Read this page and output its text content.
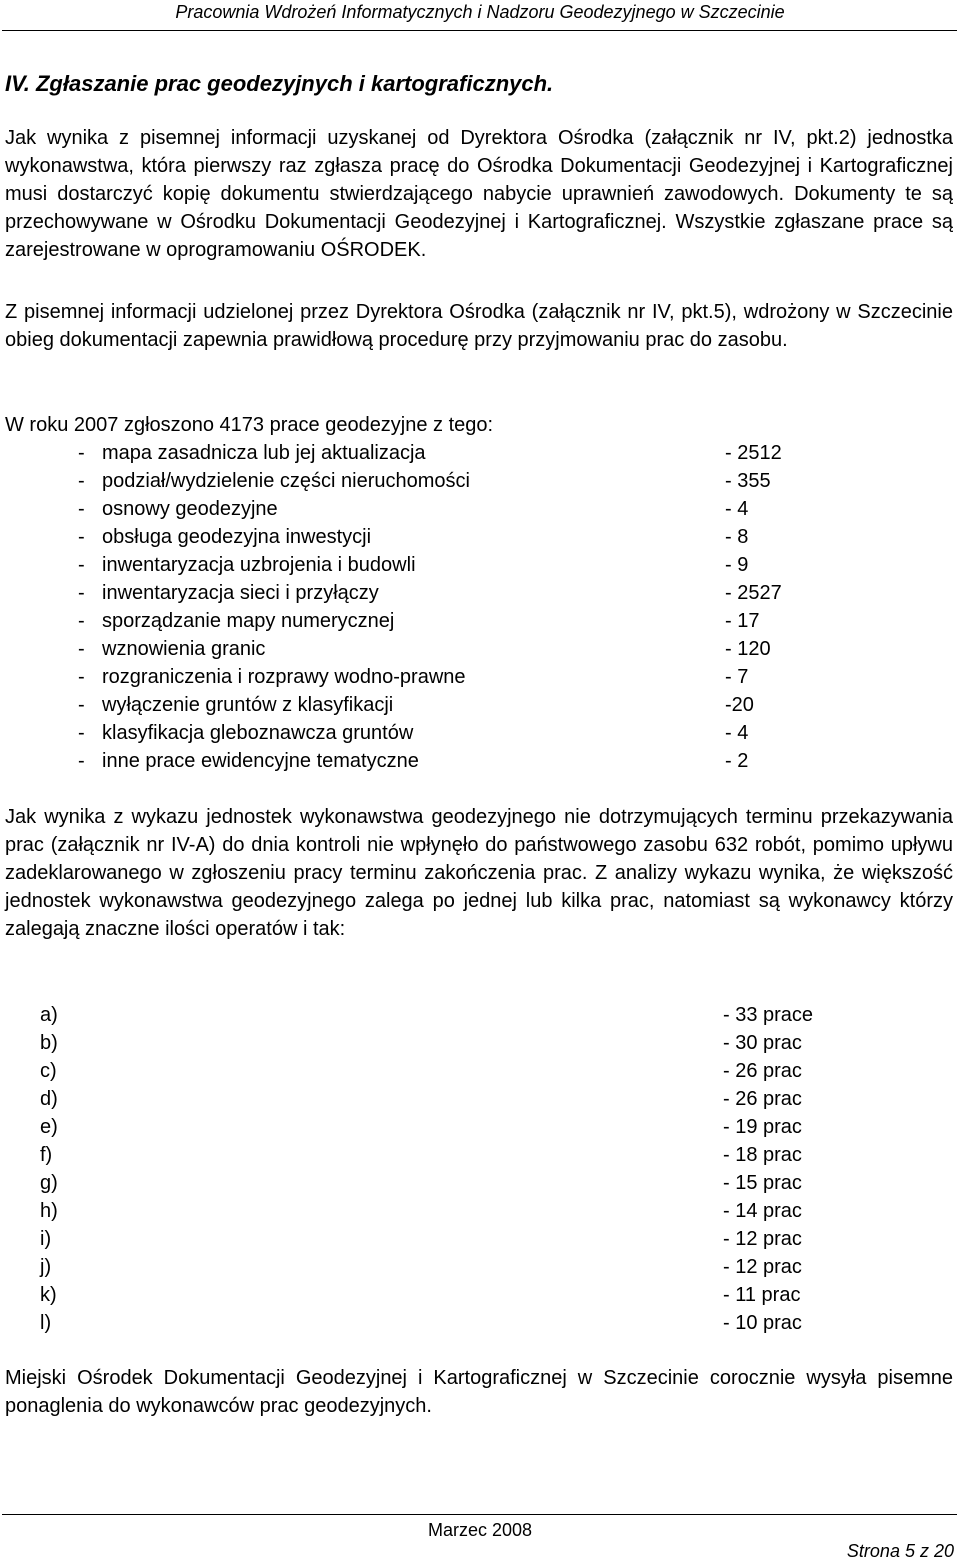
Pracownia Wdrożeń Informatycznych i Nadzoru Geodezyjnego w Szczecinie
IV. Zgłaszanie prac geodezyjnych i kartograficznych.

Jak wynika z pisemnej informacji uzyskanej od Dyrektora Ośrodka (załącznik nr IV, pkt.2) jednostka wykonawstwa, która pierwszy raz zgłasza pracę do Ośrodka Dokumentacji Geodezyjnej i Kartograficznej musi dostarczyć kopię dokumentu stwierdzającego nabycie uprawnień zawodowych. Dokumenty te są przechowywane w Ośrodku Dokumentacji Geodezyjnej i Kartograficznej. Wszystkie zgłaszane prace są zarejestrowane w oprogramowaniu OŚRODEK.

Z pisemnej informacji udzielonej przez Dyrektora Ośrodka (załącznik nr IV, pkt.5), wdrożony w Szczecinie obieg dokumentacji zapewnia prawidłową procedurę przy przyjmowaniu prac do zasobu.

W roku 2007 zgłoszono 4173 prace geodezyjne z tego:

- mapa zasadnicza lub jej aktualizacja	- 2512
- podział/wydzielenie części nieruchomości	- 355
- osnowy geodezyjne	- 4
- obsługa geodezyjna inwestycji	- 8
- inwentaryzacja uzbrojenia i budowli	- 9
- inwentaryzacja sieci i przyłączy	- 2527
- sporządzanie mapy numerycznej	- 17
- wznowienia granic	- 120
- rozgraniczenia i rozprawy wodno-prawne	- 7
- wyłączenie gruntów z klasyfikacji	-20
- klasyfikacja gleboznawcza gruntów	- 4
- inne prace ewidencyjne tematyczne	- 2

Jak wynika z wykazu jednostek wykonawstwa geodezyjnego nie dotrzymujących terminu przekazywania prac (załącznik nr IV-A) do dnia kontroli nie wpłynęło do państwowego zasobu 632 robót, pomimo upływu zadeklarowanego w zgłoszeniu pracy terminu zakończenia prac. Z analizy wykazu wynika, że większość jednostek wykonawstwa geodezyjnego zalega po jednej lub kilka prac, natomiast są wykonawcy którzy zalegają znaczne ilości operatów i tak:

a)	- 33 prace
b)	- 30 prac
c)	- 26 prac
d)	- 26 prac
e)	- 19 prac
f)	- 18 prac
g)	- 15 prac
h)	- 14 prac
i)	- 12 prac
j)	- 12 prac
k)	- 11 prac
l)	- 10 prac

Miejski Ośrodek Dokumentacji Geodezyjnej i Kartograficznej w Szczecinie corocznie wysyła pisemne ponaglenia do wykonawców prac geodezyjnych.

Marzec 2008
Strona 5 z 20
